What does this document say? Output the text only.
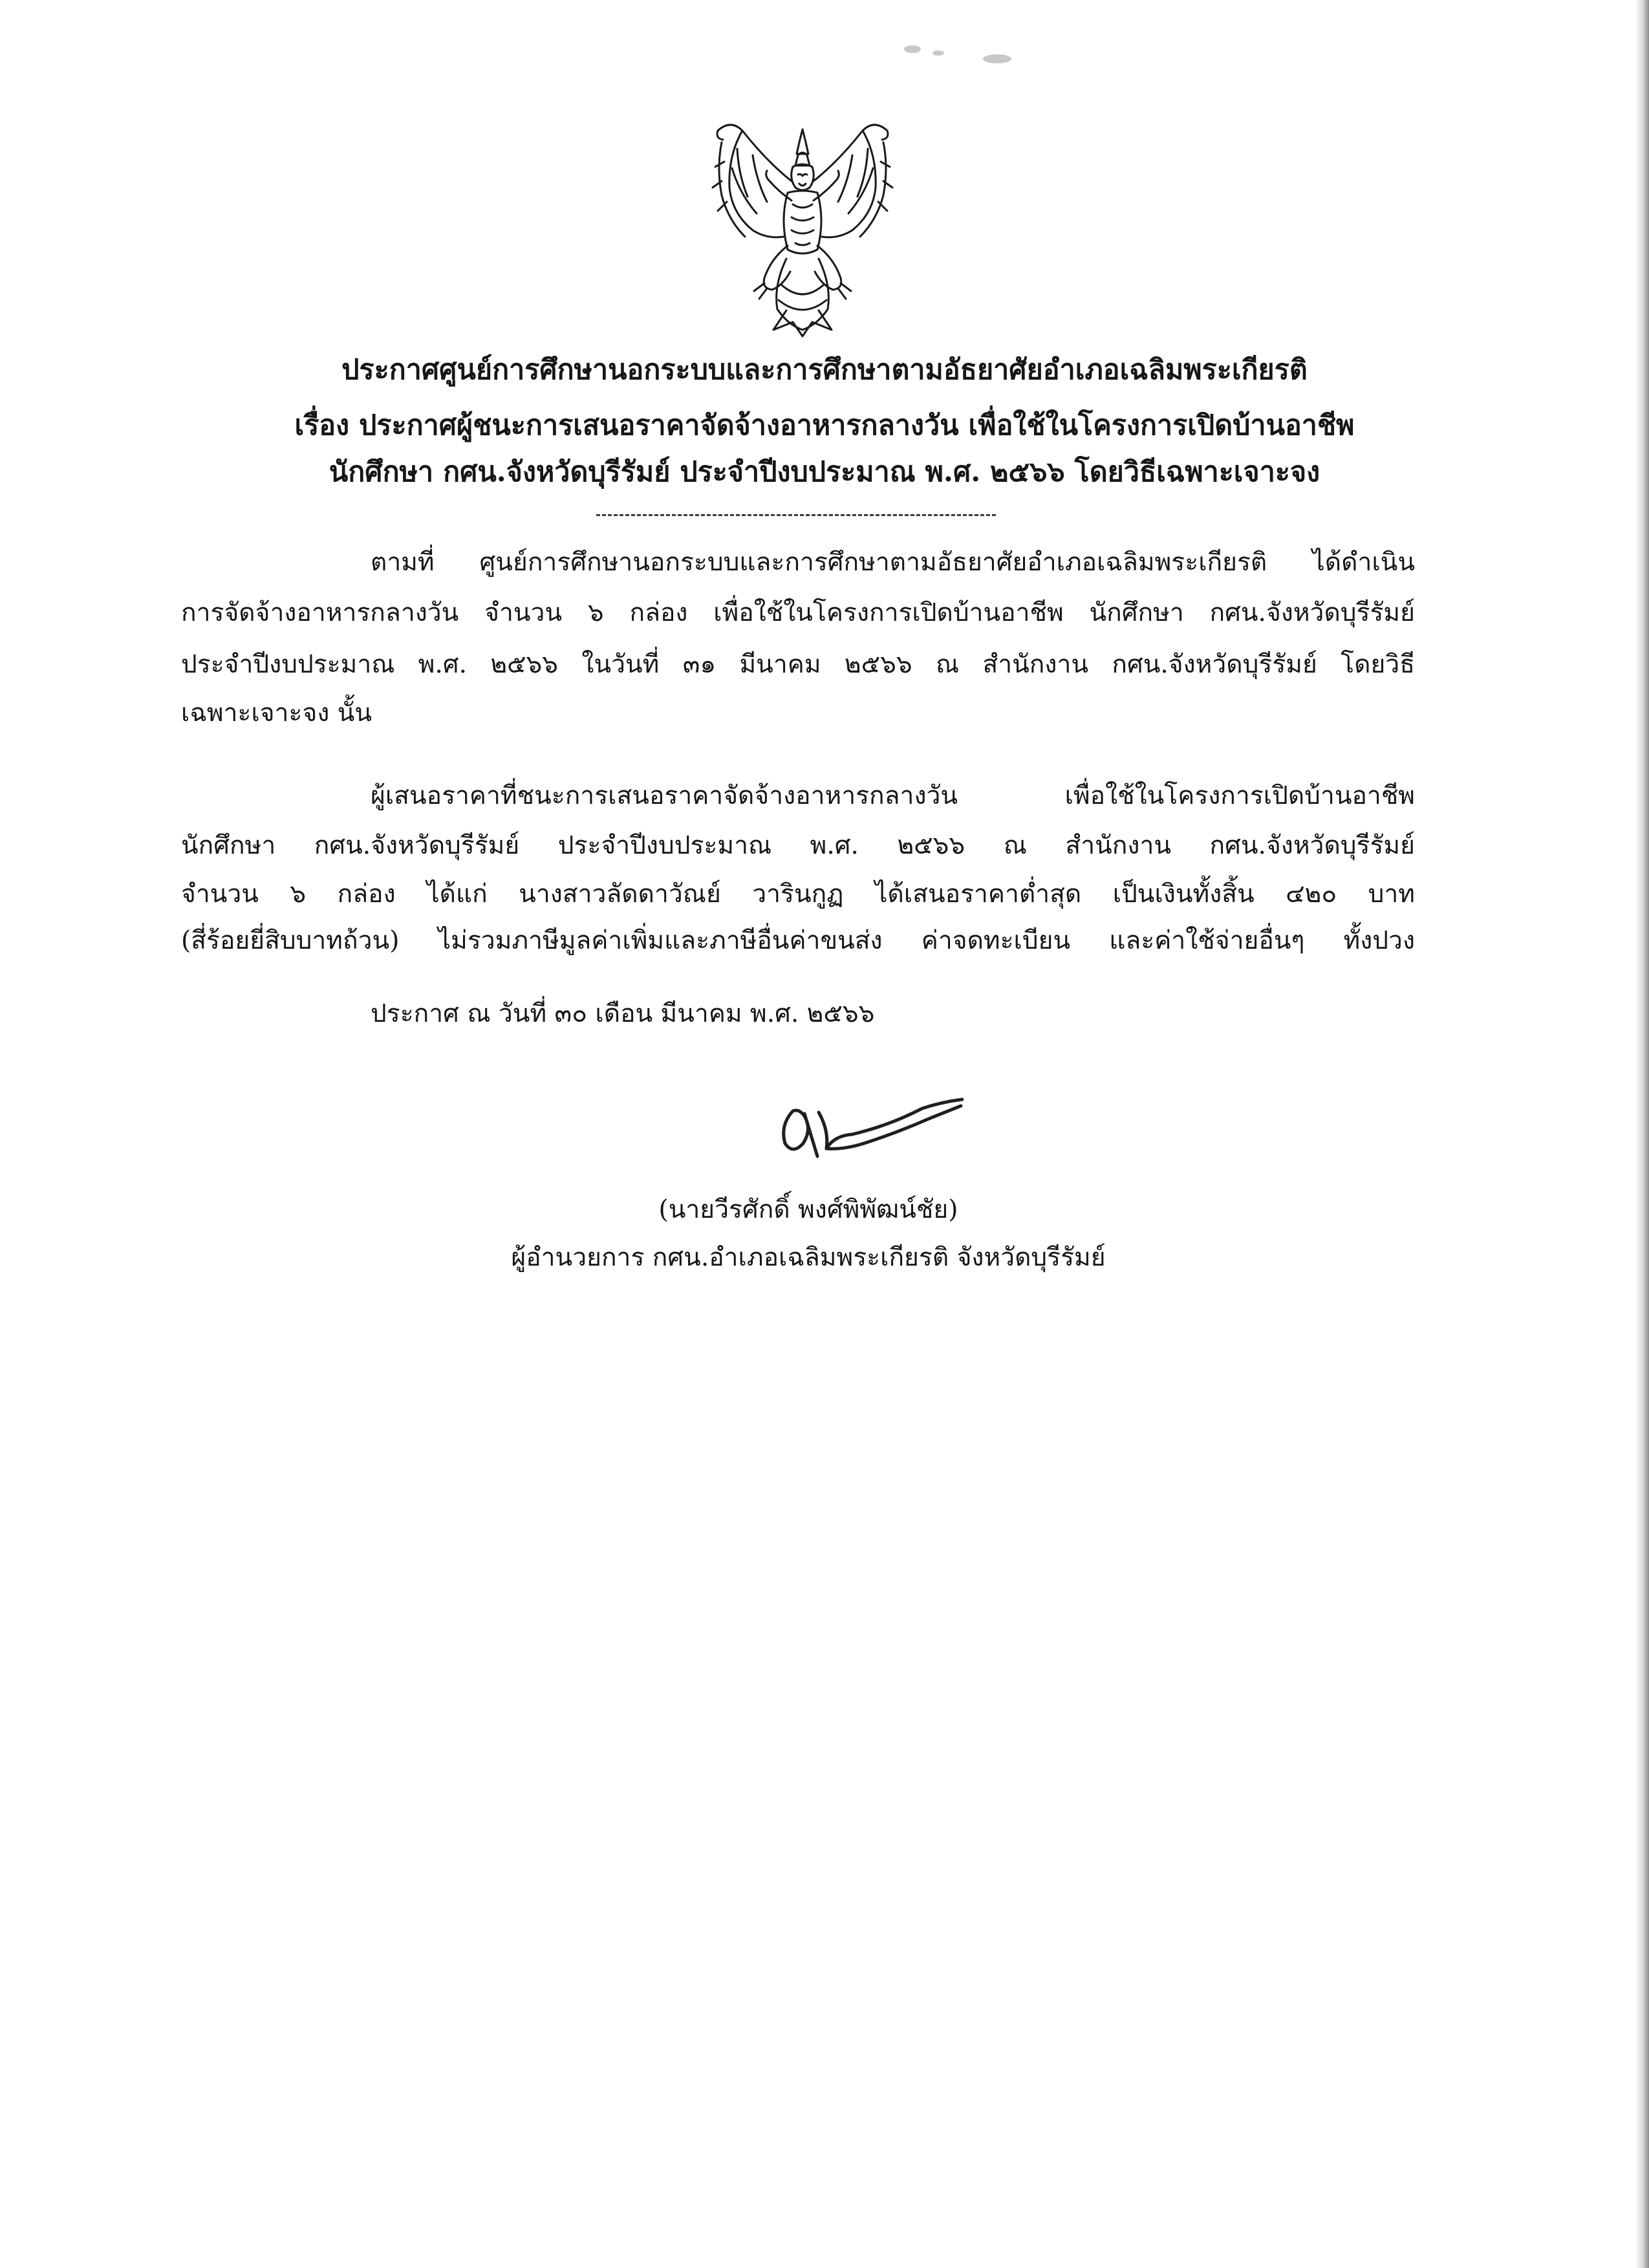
ประกาศศูนย์การศึกษานอกระบบและการศึกษาตามอัธยาศัยอำเภอเฉลิมพระเกียรติ
เรื่อง ประกาศผู้ชนะการเสนอราคาจัดจ้างอาหารกลางวัน เพื่อใช้ในโครงการเปิดบ้านอาชีพ
นักศึกษา กศน.จังหวัดบุรีรัมย์ ประจำปีงบประมาณ พ.ศ. ๒๕๖๖ โดยวิธีเฉพาะเจาะจง
ตามที่ ศูนย์การศึกษานอกระบบและการศึกษาตามอัธยาศัยอำเภอเฉลิมพระเกียรติ ได้ดำเนิน
การจัดจ้างอาหารกลางวัน จำนวน ๖ กล่อง เพื่อใช้ในโครงการเปิดบ้านอาชีพ นักศึกษา กศน.จังหวัดบุรีรัมย์
ประจำปีงบประมาณ พ.ศ. ๒๕๖๖ ในวันที่ ๓๑ มีนาคม ๒๕๖๖ ณ สำนักงาน กศน.จังหวัดบุรีรัมย์ โดยวิธี
เฉพาะเจาะจง นั้น
ผู้เสนอราคาที่ชนะการเสนอราคาจัดจ้างอาหารกลางวัน เพื่อใช้ในโครงการเปิดบ้านอาชีพ
นักศึกษา กศน.จังหวัดบุรีรัมย์ ประจำปีงบประมาณ พ.ศ. ๒๕๖๖ ณ สำนักงาน กศน.จังหวัดบุรีรัมย์
จำนวน ๖ กล่อง ได้แก่ นางสาวลัดดาวัณย์ วารินกูฏ ได้เสนอราคาต่ำสุด เป็นเงินทั้งสิ้น ๔๒๐ บาท
(สี่ร้อยยี่สิบบาทถ้วน) ไม่รวมภาษีมูลค่าเพิ่มและภาษีอื่นค่าขนส่ง ค่าจดทะเบียน และค่าใช้จ่ายอื่นๆ ทั้งปวง
ประกาศ ณ วันที่ ๓๐ เดือน มีนาคม พ.ศ. ๒๕๖๖
(นายวีรศักดิ์ พงศ์พิพัฒน์ชัย)
ผู้อำนวยการ กศน.อำเภอเฉลิมพระเกียรติ จังหวัดบุรีรัมย์
